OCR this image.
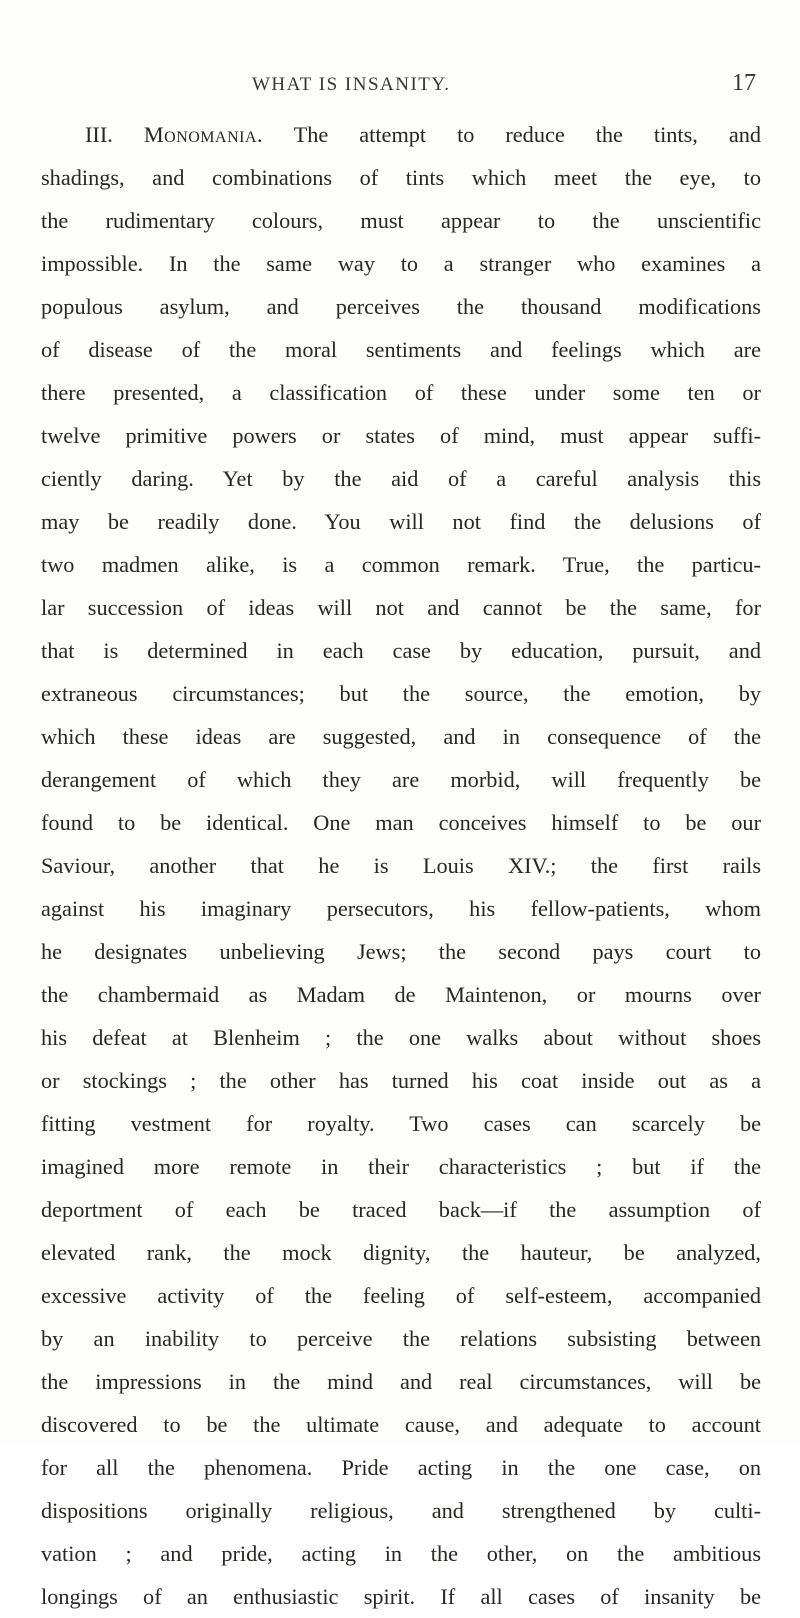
WHAT IS INSANITY.	17
III. Monomania. The attempt to reduce the tints, and
shadings, and combinations of tints which meet the eye, to
the rudimentary colours, must appear to the unscientific
impossible. In the same way to a stranger who examines a
populous asylum, and perceives the thousand modifications
of disease of the moral sentiments and feelings which are
there presented, a classification of these under some ten or
twelve primitive powers or states of mind, must appear suffi-
ciently daring. Yet by the aid of a careful analysis this
may be readily done. You will not find the delusions of
two madmen alike, is a common remark. True, the particu-
lar succession of ideas will not and cannot be the same, for
that is determined in each case by education, pursuit, and
extraneous circumstances; but the source, the emotion, by
which these ideas are suggested, and in consequence of the
derangement of which they are morbid, will frequently be
found to be identical. One man conceives himself to be our
Saviour, another that he is Louis XIV.; the first rails
against his imaginary persecutors, his fellow-patients, whom
he designates unbelieving Jews; the second pays court to
the chambermaid as Madam de Maintenon, or mourns over
his defeat at Blenheim ; the one walks about without shoes
or stockings ; the other has turned his coat inside out as a
fitting vestment for royalty. Two cases can scarcely be
imagined more remote in their characteristics ; but if the
deportment of each be traced back—if the assumption of
elevated rank, the mock dignity, the hauteur, be analyzed,
excessive activity of the feeling of self-esteem, accompanied
by an inability to perceive the relations subsisting between
the impressions in the mind and real circumstances, will be
discovered to be the ultimate cause, and adequate to account
for all the phenomena. Pride acting in the one case, on
dispositions originally religious, and strengthened by culti-
vation ; and pride, acting in the other, on the ambitious
longings of an enthusiastic spirit. If all cases of insanity be
